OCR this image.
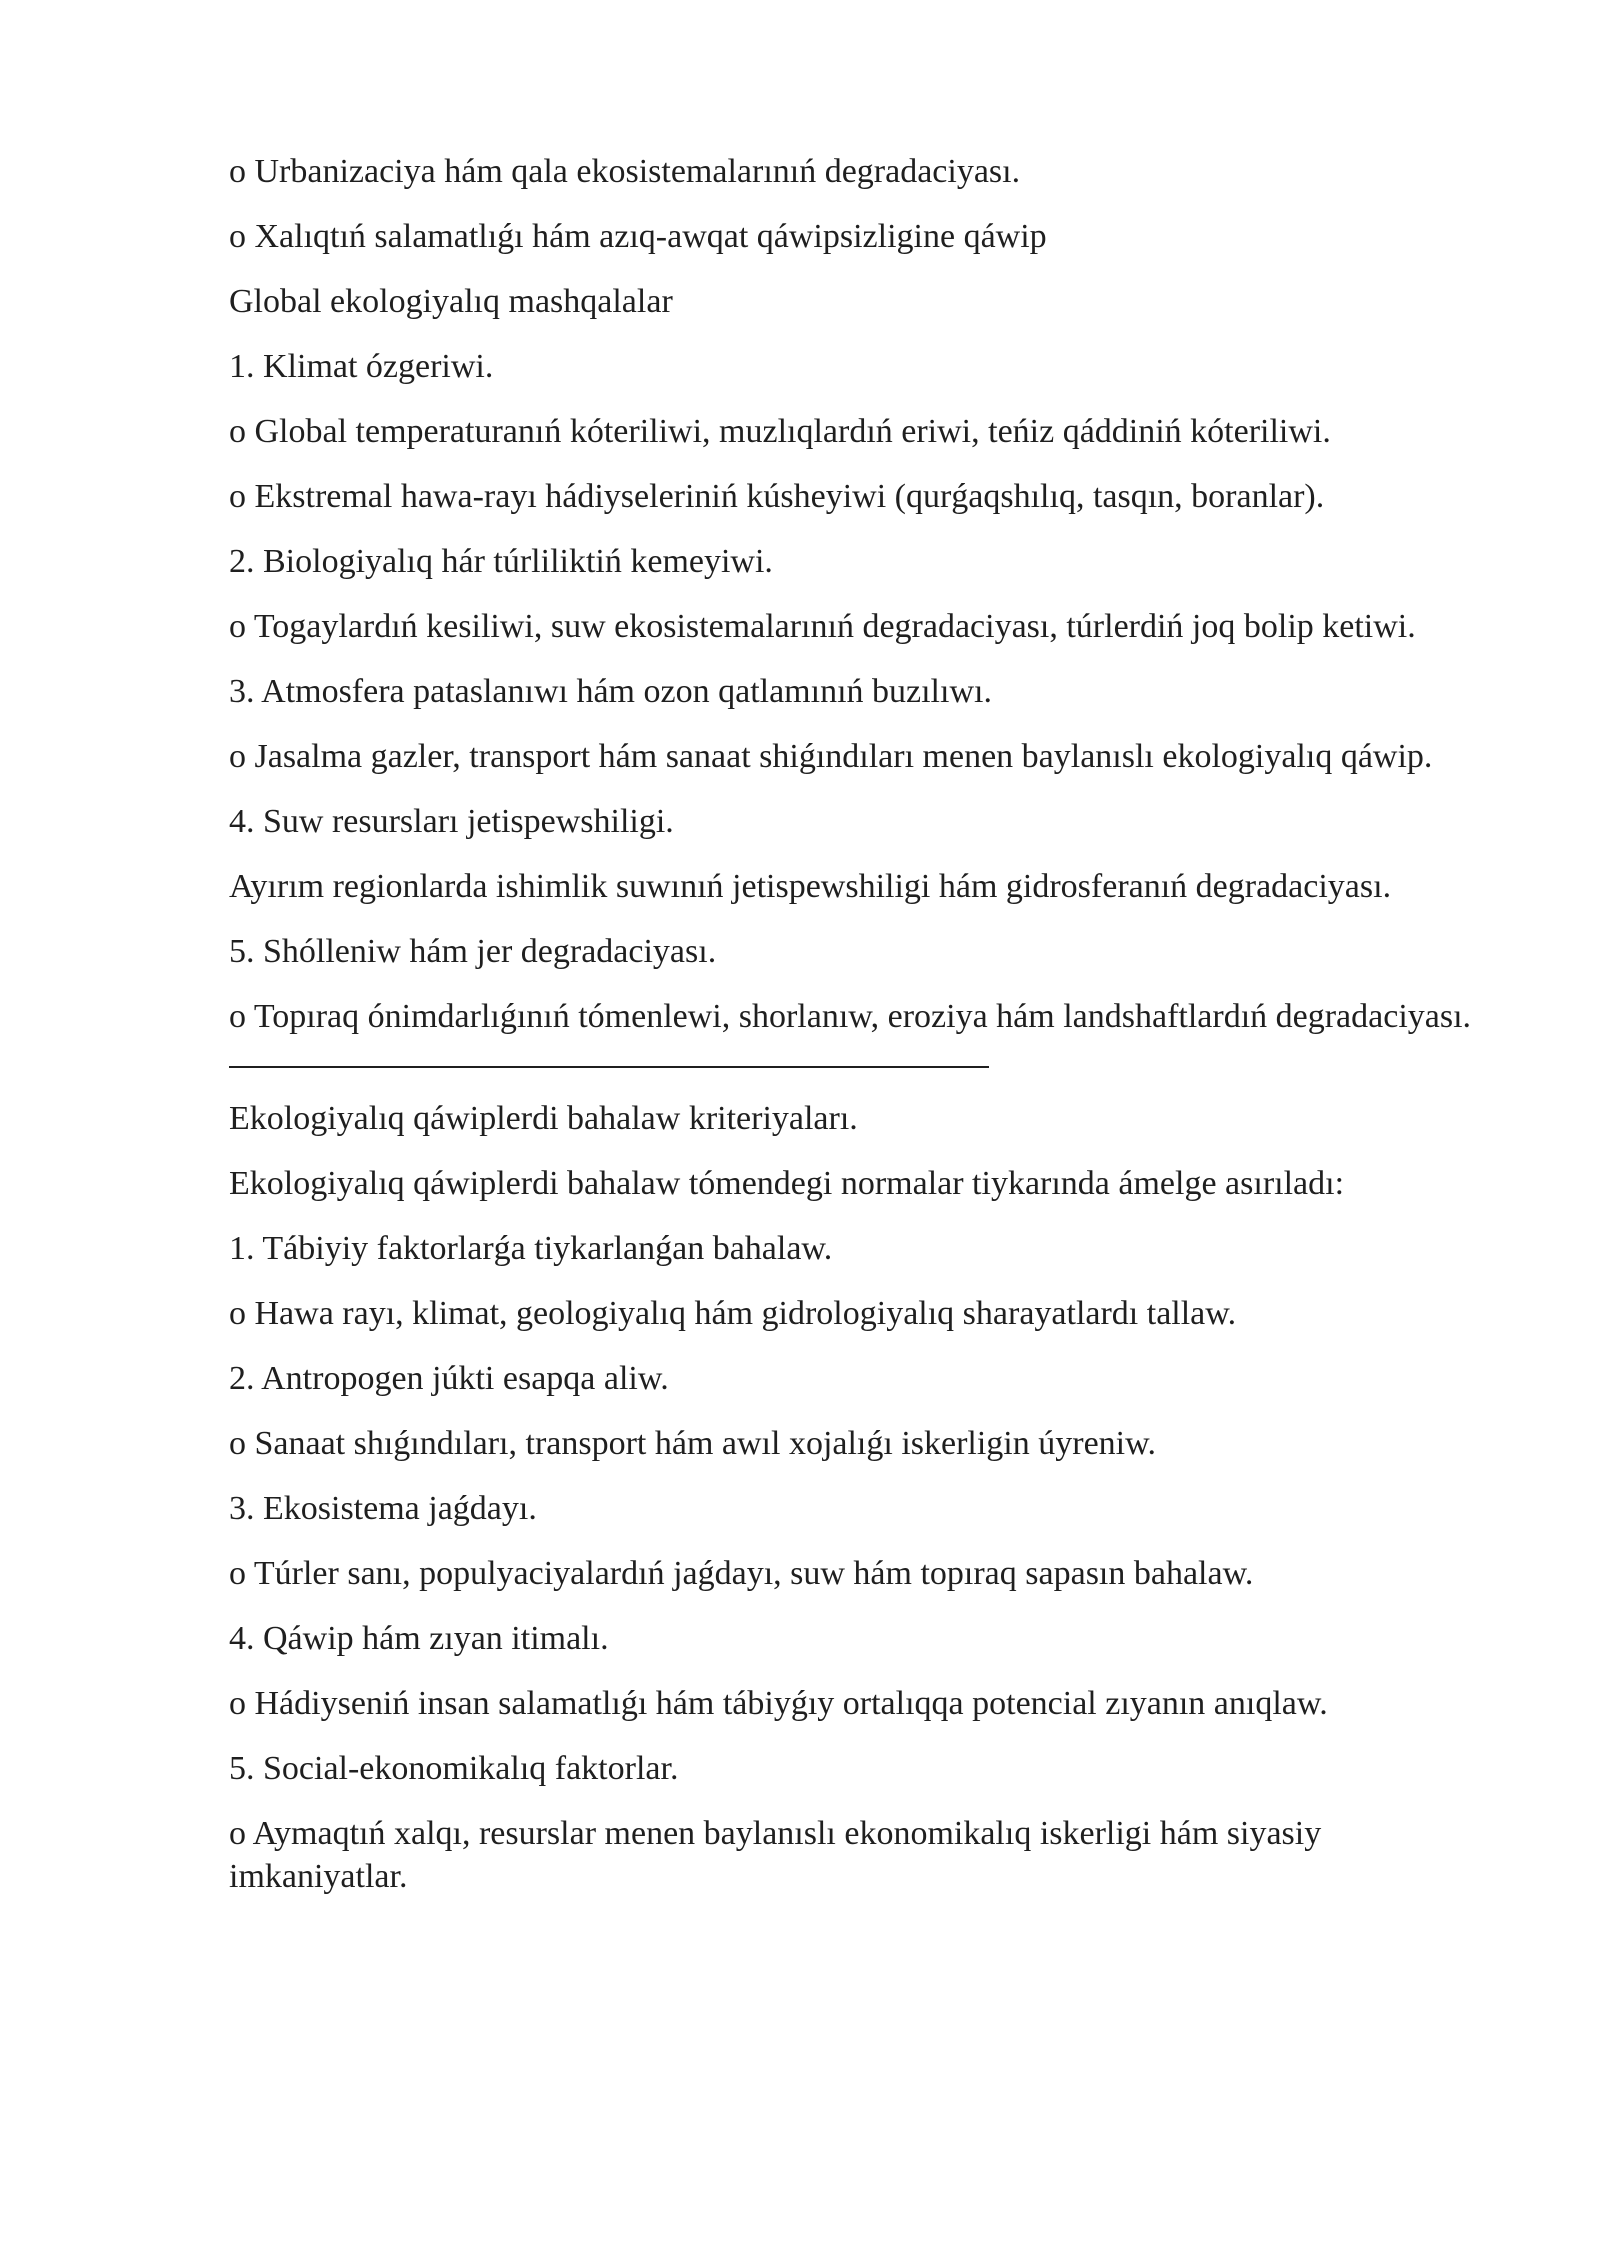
o Urbanizaciya hám qala ekosistemalarınıń degradaciyası.

o Xalıqtıń salamatlıǵı hám azıq-awqat qáwipsizligine qáwip

Global ekologiyalıq mashqalalar

1. Klimat ózgeriwi.

o Global temperaturanıń kóteriliwi, muzlıqlardıń eriwi, teńiz qáddiniń kóteriliwi.

o Ekstremal hawa-rayı hádiyseleriniń kúsheyiwi (qurǵaqshılıq, tasqın, boranlar).

2. Biologiyalıq hár túrliliktiń kemeyiwi.

o Togaylardıń kesiliwi, suw ekosistemalarınıń degradaciyası, túrlerdiń joq bolip ketiwi.

3. Atmosfera pataslanıwı hám ozon qatlamınıń buzılıwı.

o Jasalma gazler, transport hám sanaat shiǵındıları menen baylanıslı ekologiyalıq qáwip.

4. Suw resursları jetispewshiligi.

Ayırım regionlarda ishimlik suwınıń jetispewshiligi hám gidrosferanıń degradaciyası.

5. Shólleniw hám jer degradaciyası.

o Topıraq ónimdarlıǵınıń tómenlewi, shorlanıw, eroziya hám landshaftlardıń degradaciyası.

Ekologiyalıq qáwiplerdi bahalaw kriteriyaları.

Ekologiyalıq qáwiplerdi bahalaw tómendegi normalar tiykarında ámelge asırıladı:

1. Tábiyiy faktorlarǵa tiykarlanǵan bahalaw.

o Hawa rayı, klimat, geologiyalıq hám gidrologiyalıq sharayatlardı tallaw.

2. Antropogen júkti esapqa aliw.

o Sanaat shıǵındıları, transport hám awıl xojalıǵı iskerligin úyreniw.

3. Ekosistema jaǵdayı.

o Túrler sanı, populyaciyalardıń jaǵdayı, suw hám topıraq sapasın bahalaw.

4. Qáwip hám zıyan itimalı.

o Hádiyseniń insan salamatlıǵı hám tábiyǵıy ortalıqqa potencial zıyanın anıqlaw.

5. Social-ekonomikalıq faktorlar.

o Aymaqtıń xalqı, resurslar menen baylanıslı ekonomikalıq iskerligi hám siyasiy imkaniyatlar.
